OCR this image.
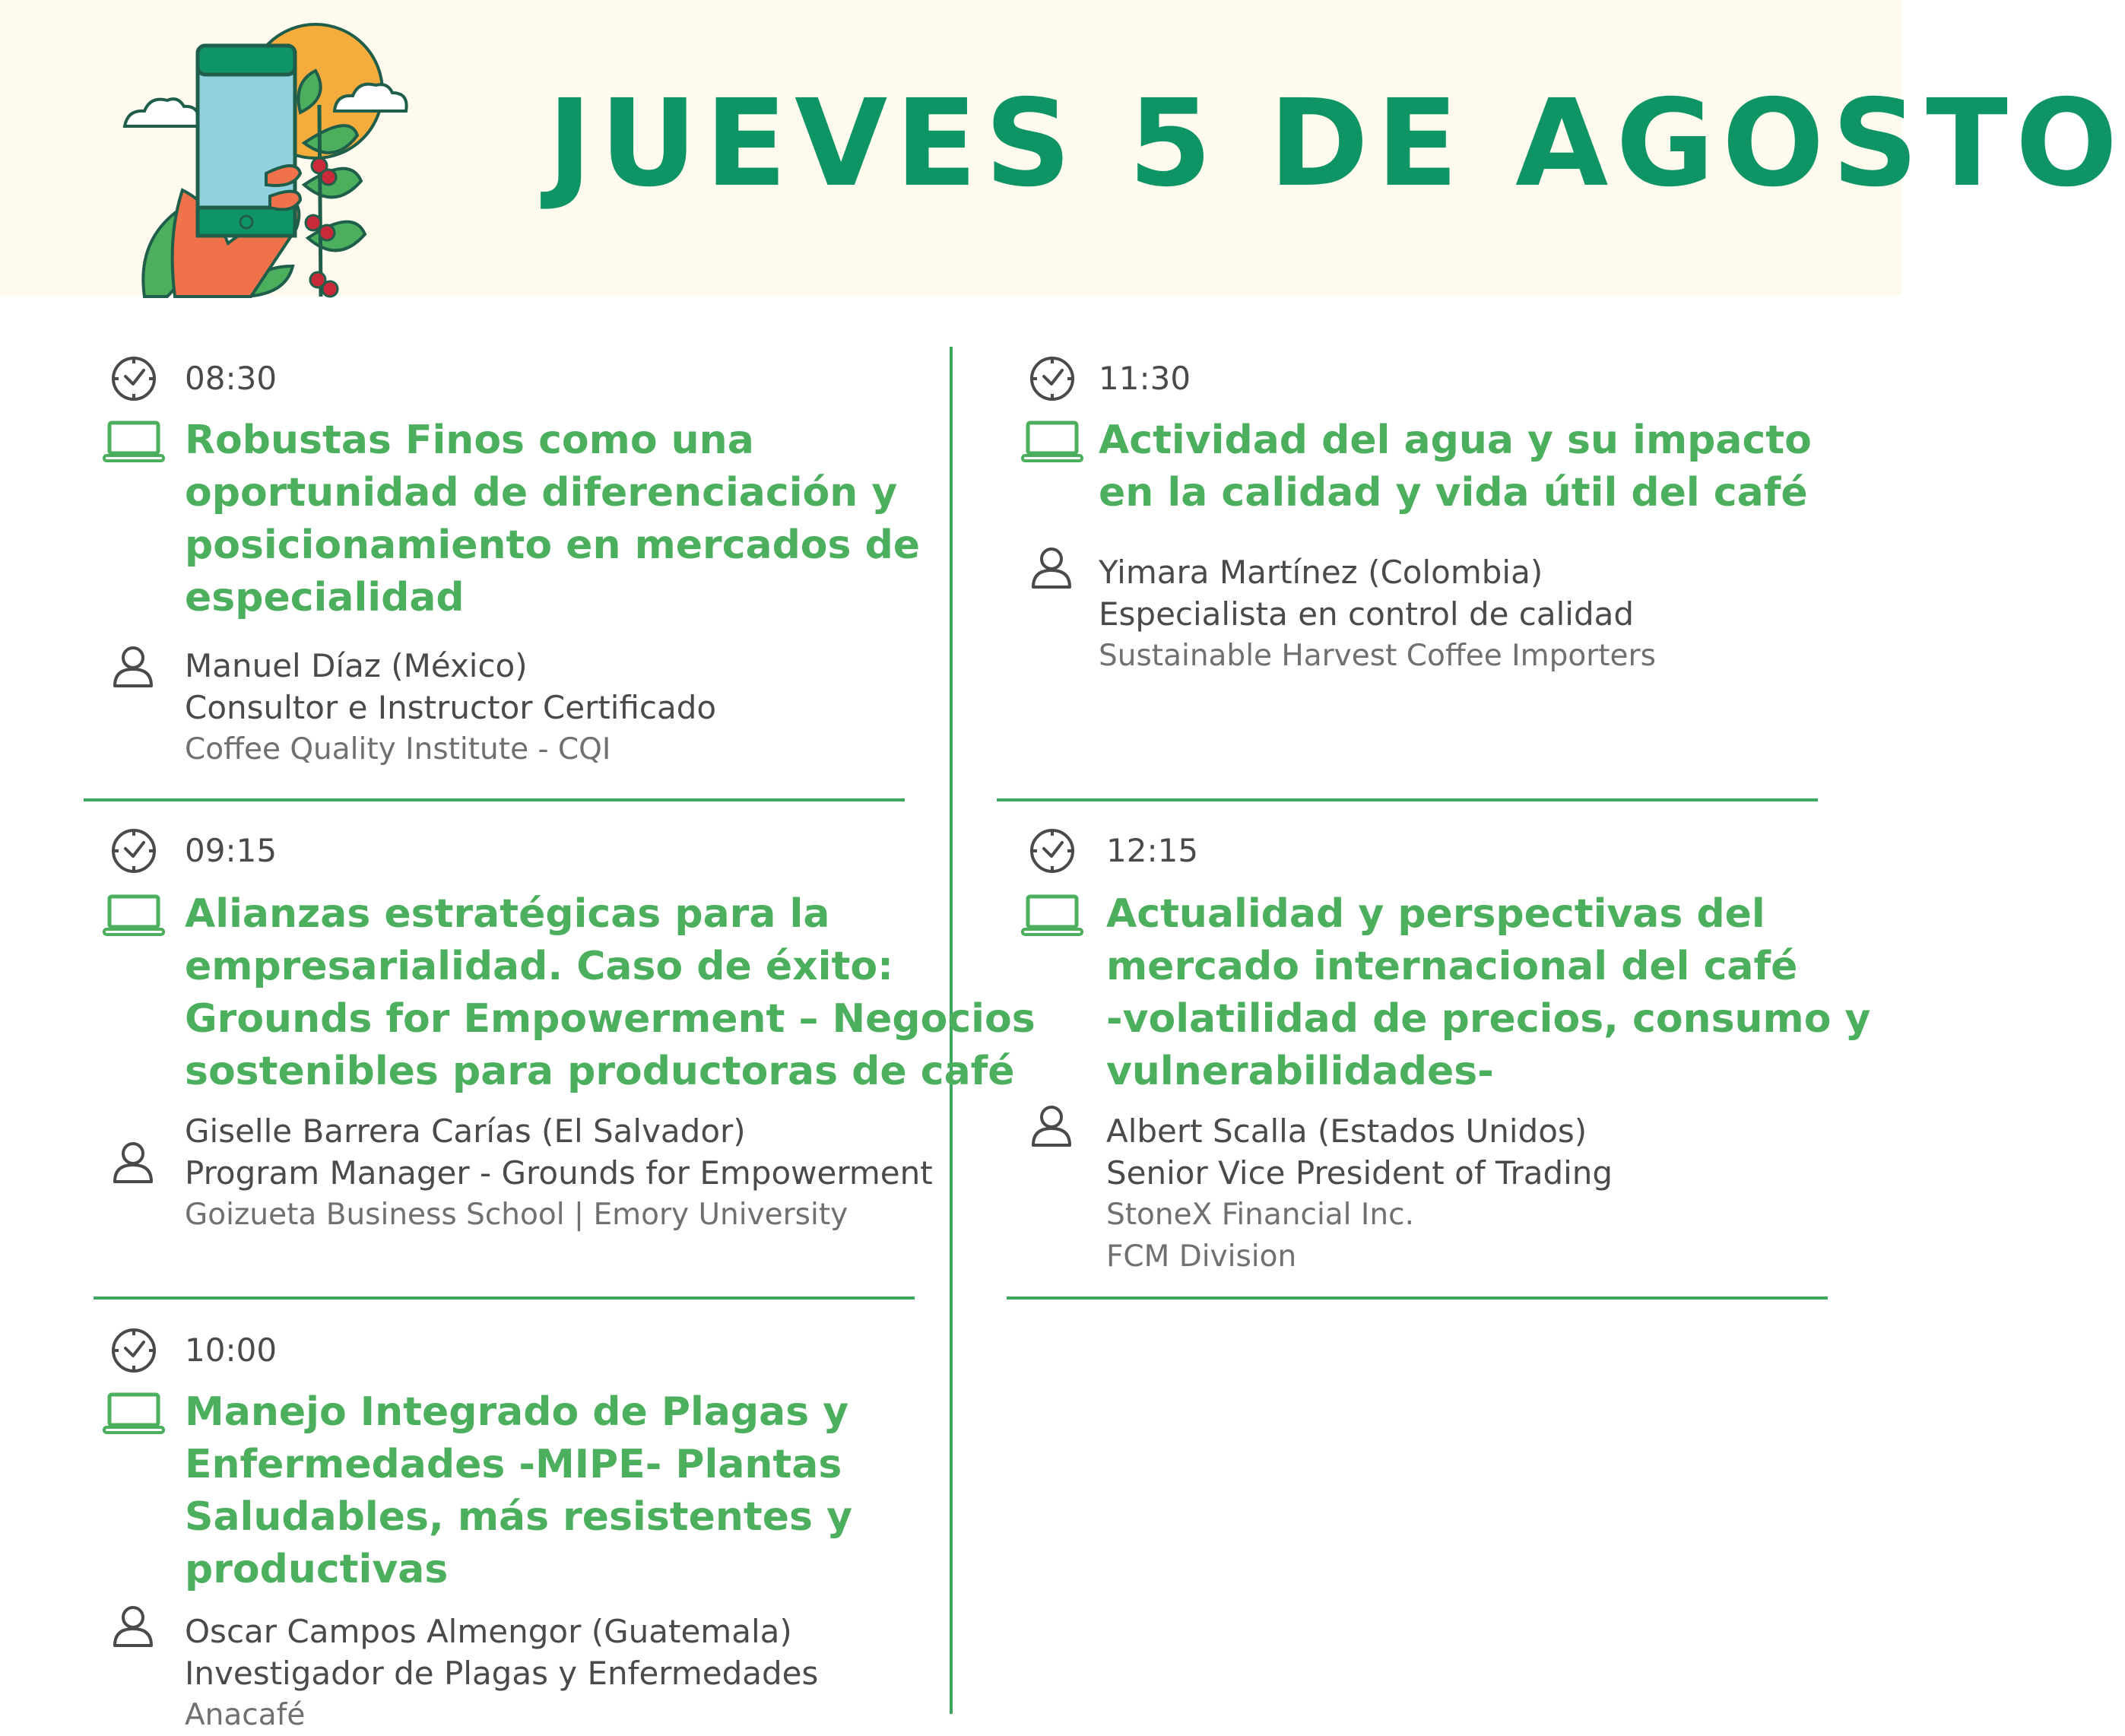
JUEVES 5 DE AGOSTO
08:30
Robustas Finos como una
oportunidad de diferenciación y
posicionamiento en mercados de
especialidad
Manuel Díaz (México)
Consultor e Instructor Certificado
Coffee Quality Institute - CQI
09:15
Alianzas estratégicas para la
empresarialidad. Caso de éxito:
Grounds for Empowerment – Negocios
sostenibles para productoras de café
Giselle Barrera Carías (El Salvador)
Program Manager - Grounds for Empowerment
Goizueta Business School | Emory University
10:00
Manejo Integrado de Plagas y
Enfermedades -MIPE- Plantas
Saludables, más resistentes y
productivas
Oscar Campos Almengor (Guatemala)
Investigador de Plagas y Enfermedades
Anacafé
11:30
Actividad del agua y su impacto
en la calidad y vida útil del café
Yimara Martínez (Colombia)
Especialista en control de calidad
Sustainable Harvest Coffee Importers
12:15
Actualidad y perspectivas del
mercado internacional del café
-volatilidad de precios, consumo y
vulnerabilidades-
Albert Scalla (Estados Unidos)
Senior Vice President of Trading
StoneX Financial Inc.
FCM Division
